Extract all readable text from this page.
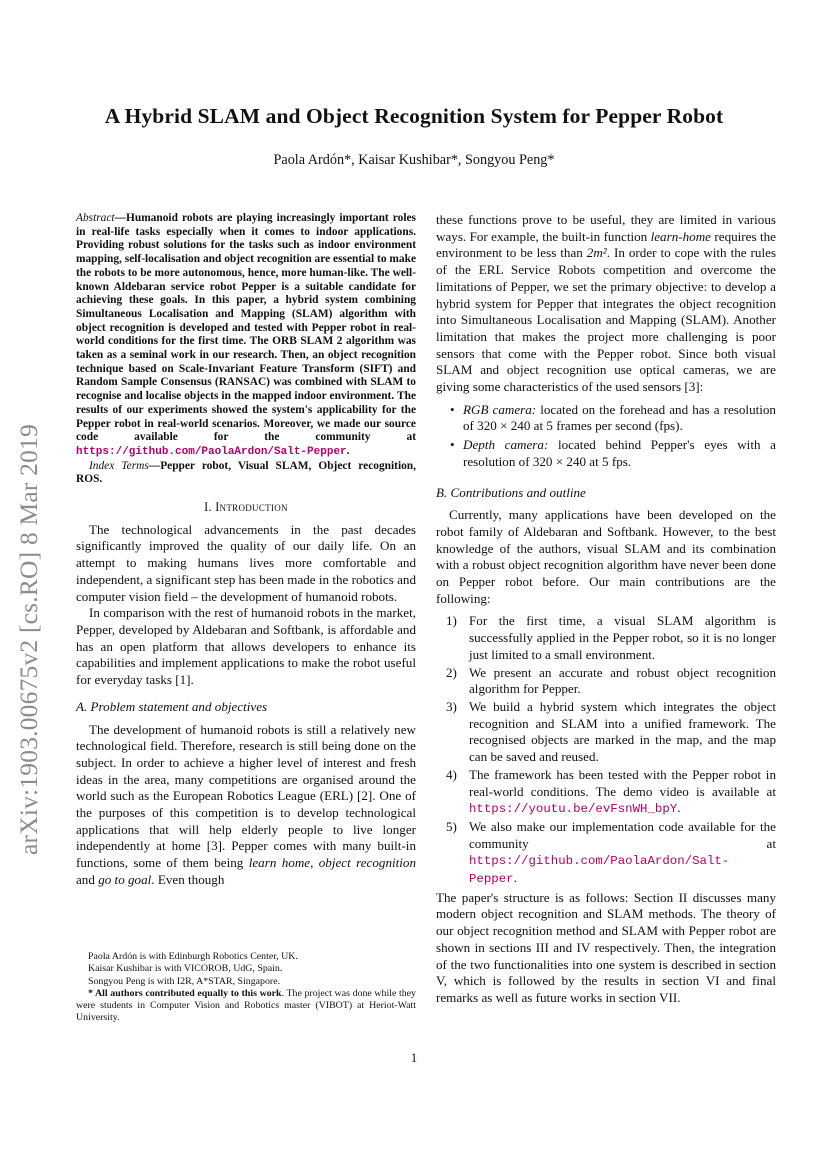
arXiv:1903.00675v2 [cs.RO] 8 Mar 2019
A Hybrid SLAM and Object Recognition System for Pepper Robot
Paola Ardón*, Kaisar Kushibar*, Songyou Peng*

Abstract—Humanoid robots are playing increasingly important roles in real-life tasks especially when it comes to indoor applications. Providing robust solutions for the tasks such as indoor environment mapping, self-localisation and object recognition are essential to make the robots to be more autonomous, hence, more human-like. The well-known Aldebaran service robot Pepper is a suitable candidate for achieving these goals. In this paper, a hybrid system combining Simultaneous Localisation and Mapping (SLAM) algorithm with object recognition is developed and tested with Pepper robot in real-world conditions for the first time. The ORB SLAM 2 algorithm was taken as a seminal work in our research. Then, an object recognition technique based on Scale-Invariant Feature Transform (SIFT) and Random Sample Consensus (RANSAC) was combined with SLAM to recognise and localise objects in the mapped indoor environment. The results of our experiments showed the system's applicability for the Pepper robot in real-world scenarios. Moreover, we made our source code available for the community at https://github.com/PaolaArdon/Salt-Pepper.

Index Terms—Pepper robot, Visual SLAM, Object recognition, ROS.

I. Introduction

The technological advancements in the past decades significantly improved the quality of our daily life. On an attempt to making humans lives more comfortable and independent, a significant step has been made in the robotics and computer vision field – the development of humanoid robots.

In comparison with the rest of humanoid robots in the market, Pepper, developed by Aldebaran and Softbank, is affordable and has an open platform that allows developers to enhance its capabilities and implement applications to make the robot useful for everyday tasks [1].

A. Problem statement and objectives

The development of humanoid robots is still a relatively new technological field. Therefore, research is still being done on the subject. In order to achieve a higher level of interest and fresh ideas in the area, many competitions are organised around the world such as the European Robotics League (ERL) [2]. One of the purposes of this competition is to develop technological applications that will help elderly people to live longer independently at home [3]. Pepper comes with many built-in functions, some of them being learn home, object recognition and go to goal. Even though

Paola Ardón is with Edinburgh Robotics Center, UK.

Kaisar Kushibar is with VICOROB, UdG, Spain.

Songyou Peng is with I2R, A*STAR, Singapore.

* All authors contributed equally to this work. The project was done while they were students in Computer Vision and Robotics master (VIBOT) at Heriot-Watt University.

these functions prove to be useful, they are limited in various ways. For example, the built-in function learn-home requires the environment to be less than 2m². In order to cope with the rules of the ERL Service Robots competition and overcome the limitations of Pepper, we set the primary objective: to develop a hybrid system for Pepper that integrates the object recognition into Simultaneous Localisation and Mapping (SLAM). Another limitation that makes the project more challenging is poor sensors that come with the Pepper robot. Since both visual SLAM and object recognition use optical cameras, we are giving some characteristics of the used sensors [3]:

• RGB camera: located on the forehead and has a resolution of 320 × 240 at 5 frames per second (fps).
• Depth camera: located behind Pepper's eyes with a resolution of 320 × 240 at 5 fps.
B. Contributions and outline

Currently, many applications have been developed on the robot family of Aldebaran and Softbank. However, to the best knowledge of the authors, visual SLAM and its combination with a robust object recognition algorithm have never been done on Pepper robot before. Our main contributions are the following:

1) For the first time, a visual SLAM algorithm is successfully applied in the Pepper robot, so it is no longer just limited to a small environment.
2) We present an accurate and robust object recognition algorithm for Pepper.
3) We build a hybrid system which integrates the object recognition and SLAM into a unified framework. The recognised objects are marked in the map, and the map can be saved and reused.
4) The framework has been tested with the Pepper robot in real-world conditions. The demo video is available at https://youtu.be/evFsnWH_bpY.
5) We also make our implementation code available for the community at https://github.com/PaolaArdon/Salt-Pepper.

The paper's structure is as follows: Section II discusses many modern object recognition and SLAM methods. The theory of our object recognition method and SLAM with Pepper robot are shown in sections III and IV respectively. Then, the integration of the two functionalities into one system is described in section V, which is followed by the results in section VI and final remarks as well as future works in section VII.

1
